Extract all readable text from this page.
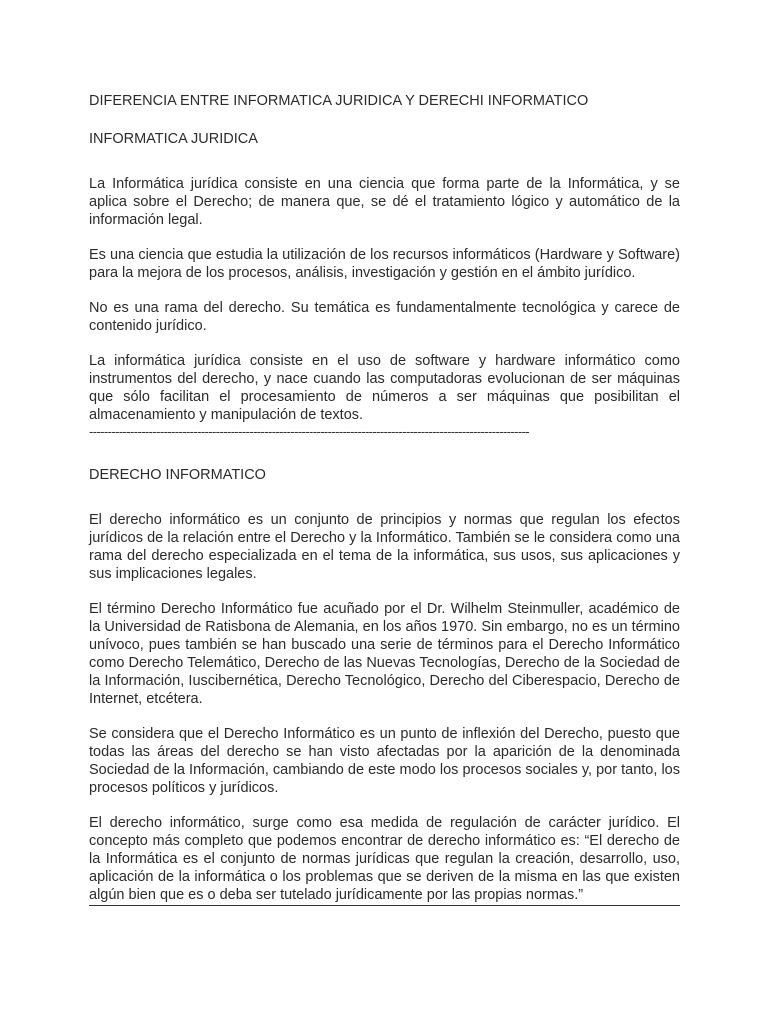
DIFERENCIA ENTRE INFORMATICA JURIDICA Y DERECHI INFORMATICO
INFORMATICA JURIDICA

La Informática jurídica consiste en una ciencia que forma parte de la Informática, y se aplica sobre el Derecho; de manera que, se dé el tratamiento lógico y automático de la información legal.

Es una ciencia que estudia la utilización de los recursos informáticos (Hardware y Software) para la mejora de los procesos, análisis, investigación y gestión en el ámbito jurídico.

No es una rama del derecho. Su temática es fundamentalmente tecnológica y carece de contenido jurídico.

La informática jurídica consiste en el uso de software y hardware informático como instrumentos del derecho, y nace cuando las computadoras evolucionan de ser máquinas que sólo facilitan el procesamiento de números a ser máquinas que posibilitan el almacenamiento y manipulación de textos.

----------------------------------------------------------------------------------------------------------------------
DERECHO INFORMATICO

El derecho informático es un conjunto de principios y normas que regulan los efectos jurídicos de la relación entre el Derecho y la Informático. También se le considera como una rama del derecho especializada en el tema de la informática, sus usos, sus aplicaciones y sus implicaciones legales.

El término Derecho Informático fue acuñado por el Dr. Wilhelm Steinmuller, académico de la Universidad de Ratisbona de Alemania, en los años 1970. Sin embargo, no es un término unívoco, pues también se han buscado una serie de términos para el Derecho Informático como Derecho Telemático, Derecho de las Nuevas Tecnologías, Derecho de la Sociedad de la Información, Iuscibernética, Derecho Tecnológico, Derecho del Ciberespacio, Derecho de Internet, etcétera.

Se considera que el Derecho Informático es un punto de inflexión del Derecho, puesto que todas las áreas del derecho se han visto afectadas por la aparición de la denominada Sociedad de la Información, cambiando de este modo los procesos sociales y, por tanto, los procesos políticos y jurídicos.

El derecho informático, surge como esa medida de regulación de carácter jurídico. El concepto más completo que podemos encontrar de derecho informático es: “El derecho de la Informática es el conjunto de normas jurídicas que regulan la creación, desarrollo, uso, aplicación de la informática o los problemas que se deriven de la misma en las que existen algún bien que es o deba ser tutelado jurídicamente por las propias normas.”
